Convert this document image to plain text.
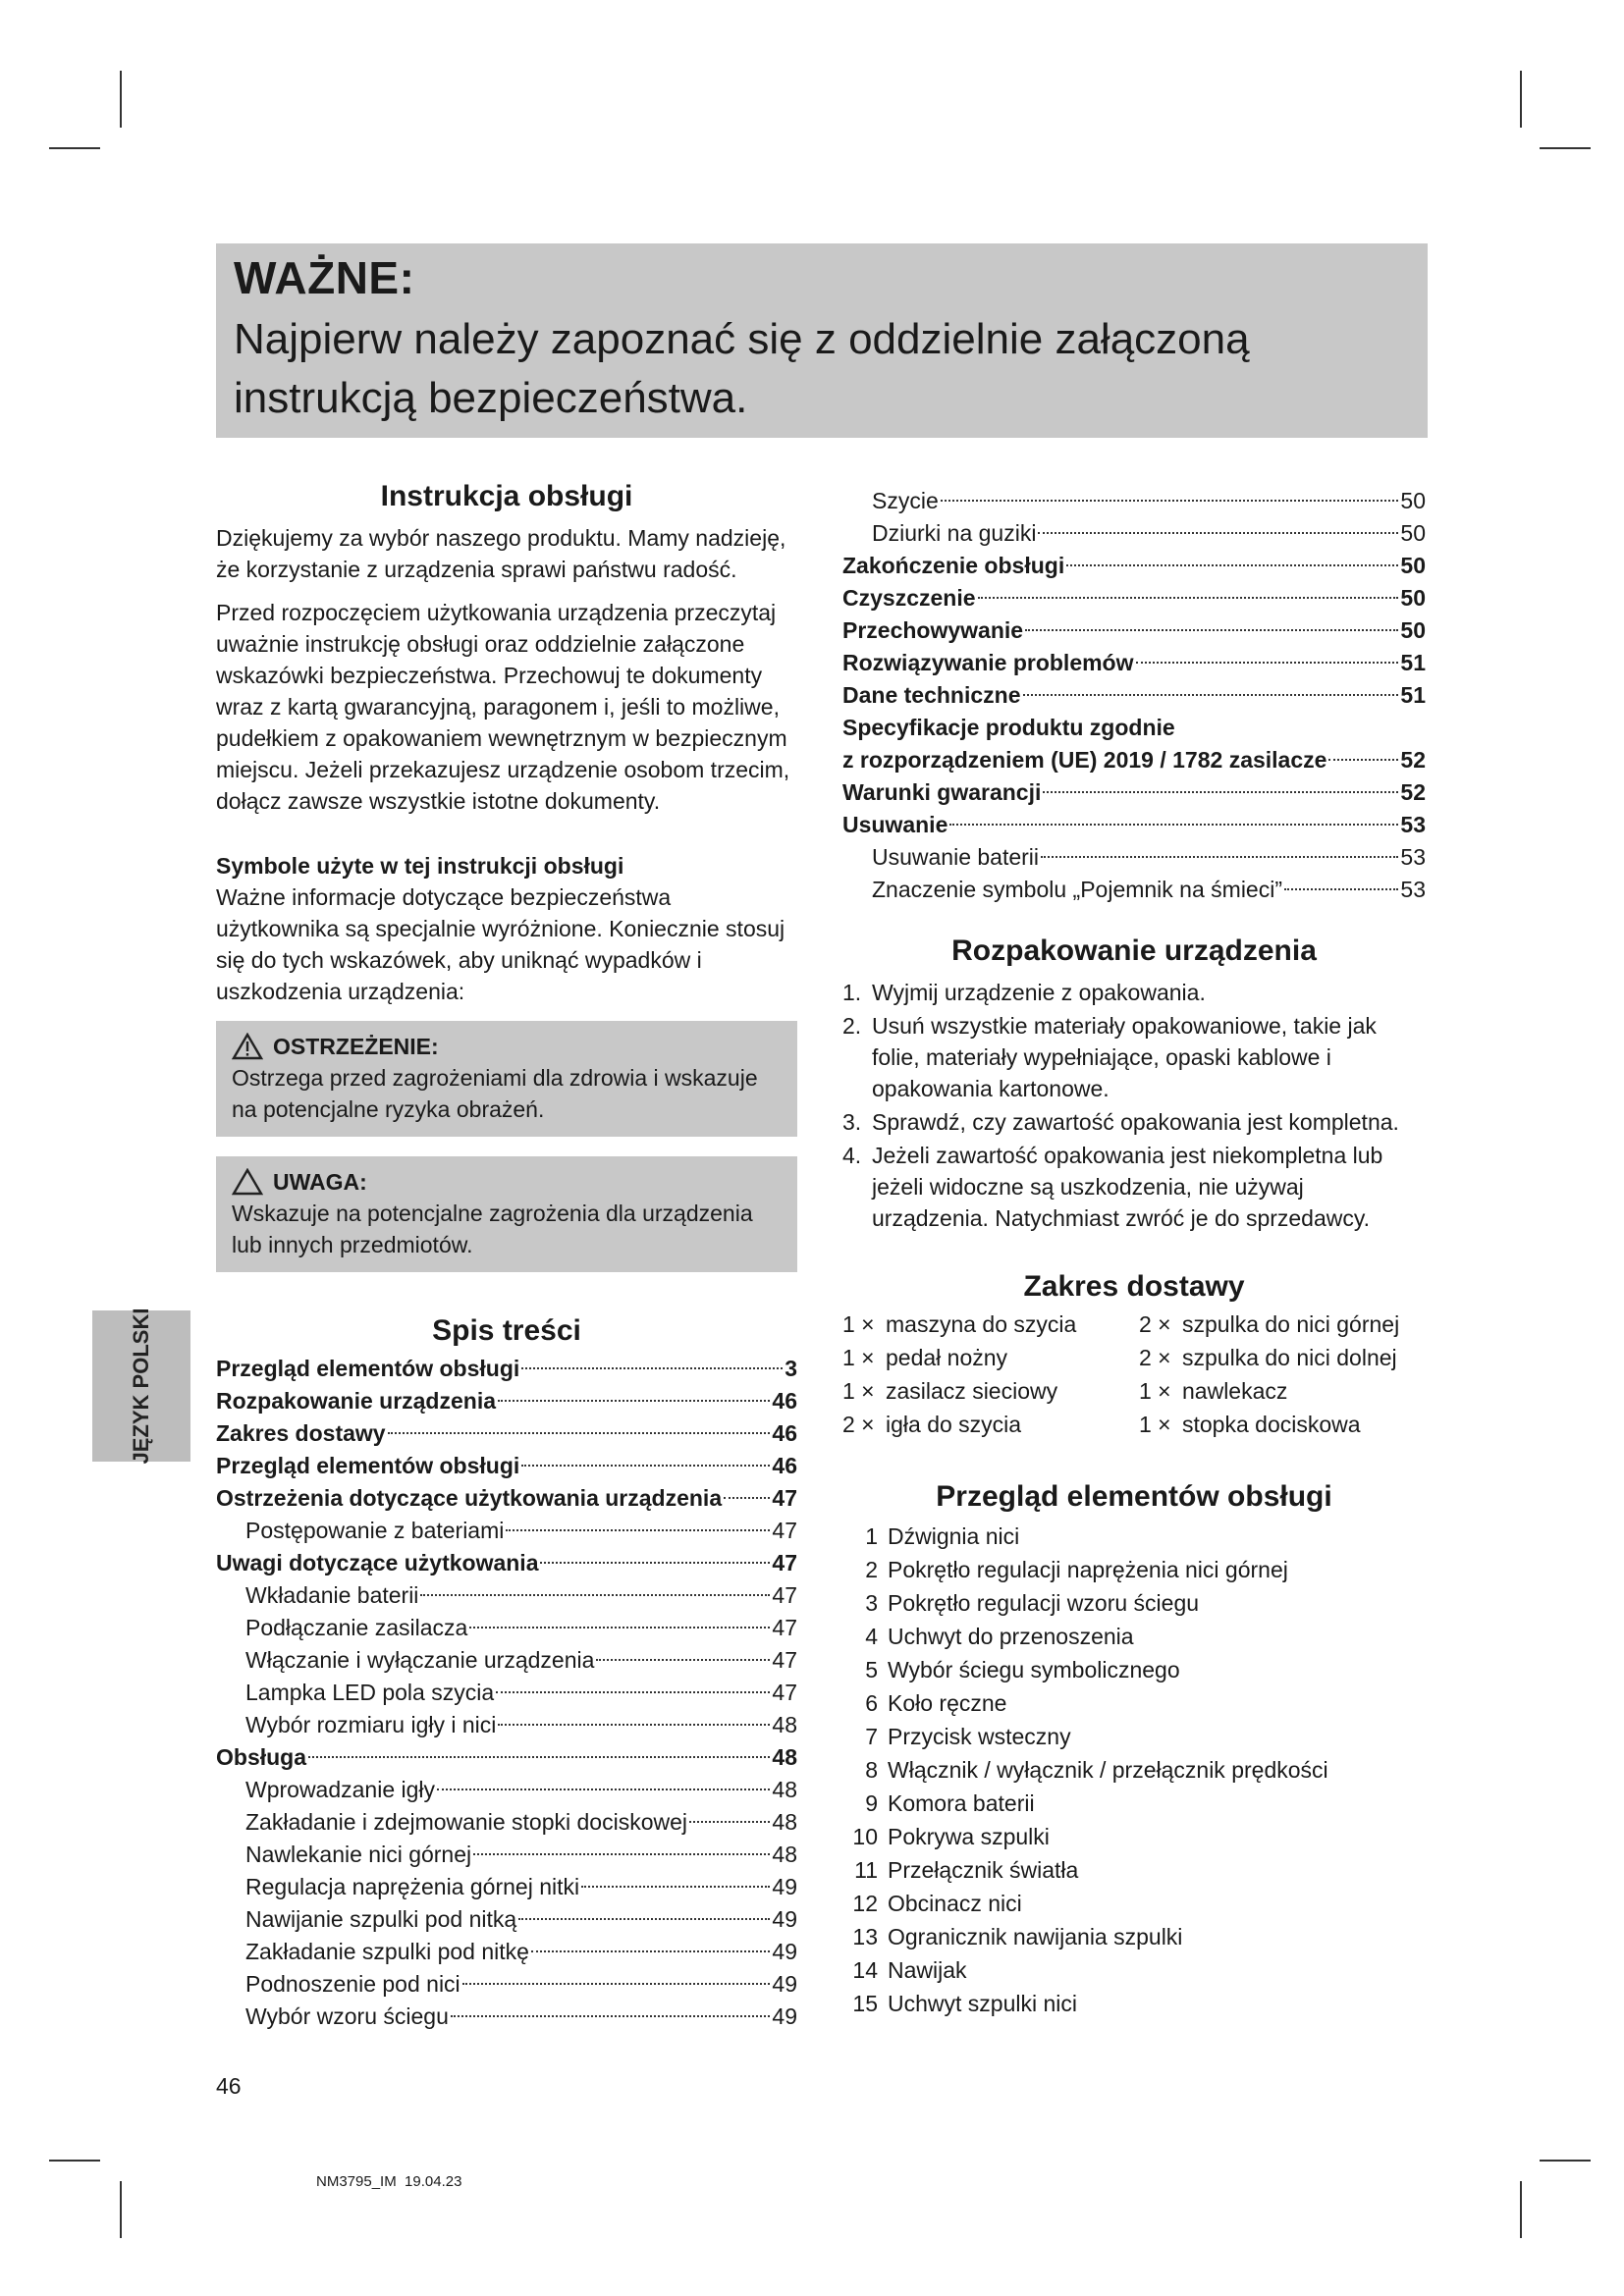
WAŻNE:
Najpierw należy zapoznać się z oddzielnie załączoną instrukcją bezpieczeństwa.
JĘZYK POLSKI
Instrukcja obsługi

Dziękujemy za wybór naszego produktu. Mamy nadzieję, że korzystanie z urządzenia sprawi państwu radość.

Przed rozpoczęciem użytkowania urządzenia przeczytaj uważnie instrukcję obsługi oraz oddzielnie załączone wskazówki bezpieczeństwa. Przechowuj te dokumenty wraz z kartą gwarancyjną, paragonem i, jeśli to możliwe, pudełkiem z opakowaniem wewnętrznym w bezpiecznym miejscu. Jeżeli przekazujesz urządzenie osobom trzecim, dołącz zawsze wszystkie istotne dokumenty.

Symbole użyte w tej instrukcji obsługi

Ważne informacje dotyczące bezpieczeństwa użytkownika są specjalnie wyróżnione. Koniecznie stosuj się do tych wskazówek, aby uniknąć wypadków i uszkodzenia urządzenia:

OSTRZEŻENIE:

Ostrzega przed zagrożeniami dla zdrowia i wskazuje na potencjalne ryzyka obrażeń.

UWAGA:

Wskazuje na potencjalne zagrożenia dla urządzenia lub innych przedmiotów.

Spis treści
Przegląd elementów obsługi	3
Rozpakowanie urządzenia	46
Zakres dostawy	46
Przegląd elementów obsługi	46
Ostrzeżenia dotyczące użytkowania urządzenia 47
Postępowanie z bateriami	47
Uwagi dotyczące użytkowania	47
Wkładanie baterii	47
Podłączanie zasilacza	47
Włączanie i wyłączanie urządzenia	47
Lampka LED pola szycia	47
Wybór rozmiaru igły i nici	48
Obsługa	48
Wprowadzanie igły	48
Zakładanie i zdejmowanie stopki dociskowej	48
Nawlekanie nici górnej	48
Regulacja naprężenia górnej nitki	49
Nawijanie szpulki pod nitką	49
Zakładanie szpulki pod nitkę	49
Podnoszenie pod nici	49
Wybór wzoru ściegu	49
Szycie	50
Dziurki na guziki	50
Zakończenie obsługi	50
Czyszczenie	50
Przechowywanie	50
Rozwiązywanie problemów	51
Dane techniczne	51
Specyfikacje produktu zgodnie
z rozporządzeniem (UE) 2019 / 1782 zasilacze	52
Warunki gwarancji	52
Usuwanie	53
Usuwanie baterii	53
Znaczenie symbolu „Pojemnik na śmieci”	53
Rozpakowanie urządzenia
1. Wyjmij urządzenie z opakowania.
2. Usuń wszystkie materiały opakowaniowe, takie jak folie, materiały wypełniające, opaski kablowe i opakowania kartonowe.
3. Sprawdź, czy zawartość opakowania jest kompletna.
4. Jeżeli zawartość opakowania jest niekompletna lub jeżeli widoczne są uszkodzenia, nie używaj urządzenia. Natychmiast zwróć je do sprzedawcy.
Zakres dostawy
1 × maszyna do szycia
1 × pedał nożny
1 × zasilacz sieciowy
2 × igła do szycia
2 × szpulka do nici górnej
2 × szpulka do nici dolnej
1 × nawlekacz
1 × stopka dociskowa
Przegląd elementów obsługi
1 Dźwignia nici
2 Pokrętło regulacji naprężenia nici górnej
3 Pokrętło regulacji wzoru ściegu
4 Uchwyt do przenoszenia
5 Wybór ściegu symbolicznego
6 Koło ręczne
7 Przycisk wsteczny
8 Włącznik / wyłącznik / przełącznik prędkości
9 Komora baterii
10 Pokrywa szpulki
11 Przełącznik światła
12 Obcinacz nici
13 Ogranicznik nawijania szpulki
14 Nawijak
15 Uchwyt szpulki nici
46
NM3795_IM  19.04.23
